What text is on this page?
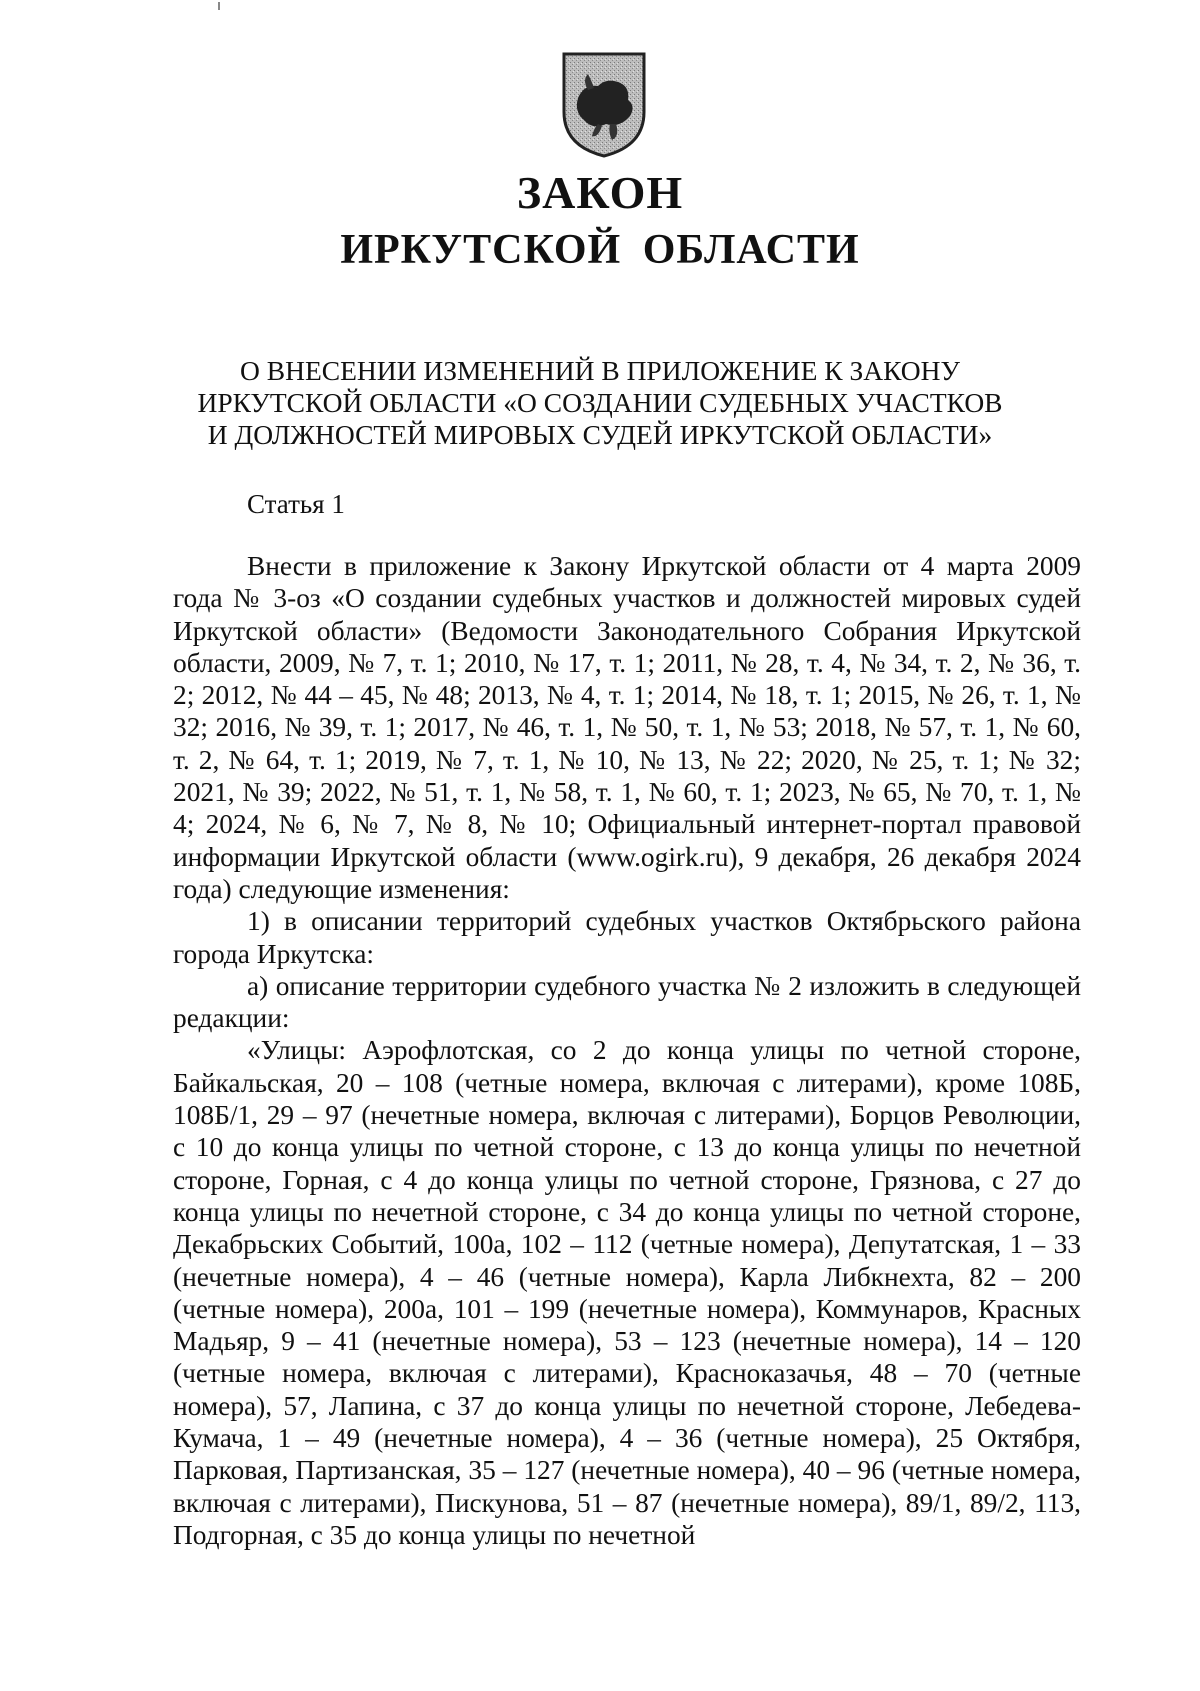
ЗАКОН
ИРКУТСКОЙ ОБЛАСТИ
О ВНЕСЕНИИ ИЗМЕНЕНИЙ В ПРИЛОЖЕНИЕ К ЗАКОНУ
ИРКУТСКОЙ ОБЛАСТИ «О СОЗДАНИИ СУДЕБНЫХ УЧАСТКОВ
И ДОЛЖНОСТЕЙ МИРОВЫХ СУДЕЙ ИРКУТСКОЙ ОБЛАСТИ»
Статья 1

Внести в приложение к Закону Иркутской области от 4 марта 2009 года № 3-оз «О создании судебных участков и должностей мировых судей Иркутской области» (Ведомости Законодательного Собрания Иркутской области, 2009, № 7, т. 1; 2010, № 17, т. 1; 2011, № 28, т. 4, № 34, т. 2, № 36, т. 2; 2012, № 44 – 45, № 48; 2013, № 4, т. 1; 2014, № 18, т. 1; 2015, № 26, т. 1, № 32; 2016, № 39, т. 1; 2017, № 46, т. 1, № 50, т. 1, № 53; 2018, № 57, т. 1, № 60, т. 2, № 64, т. 1; 2019, № 7, т. 1, № 10, № 13, № 22; 2020, № 25, т. 1; № 32; 2021, № 39; 2022, № 51, т. 1, № 58, т. 1, № 60, т. 1; 2023, № 65, № 70, т. 1, № 4; 2024, № 6, № 7, № 8, № 10; Официальный интернет-портал правовой информации Иркутской области (www.ogirk.ru), 9 декабря, 26 декабря 2024 года) следующие изменения:

1) в описании территорий судебных участков Октябрьского района города Иркутска:

а) описание территории судебного участка № 2 изложить в следующей редакции:

«Улицы: Аэрофлотская, со 2 до конца улицы по четной стороне, Байкальская, 20 – 108 (четные номера, включая с литерами), кроме 108Б, 108Б/1, 29 – 97 (нечетные номера, включая с литерами), Борцов Революции, с 10 до конца улицы по четной стороне, с 13 до конца улицы по нечетной стороне, Горная, с 4 до конца улицы по четной стороне, Грязнова, с 27 до конца улицы по нечетной стороне, с 34 до конца улицы по четной стороне, Декабрьских Событий, 100а, 102 – 112 (четные номера), Депутатская, 1 – 33 (нечетные номера), 4 – 46 (четные номера), Карла Либкнехта, 82 – 200 (четные номера), 200а, 101 – 199 (нечетные номера), Коммунаров, Красных Мадьяр, 9 – 41 (нечетные номера), 53 – 123 (нечетные номера), 14 – 120 (четные номера, включая с литерами), Красноказачья, 48 – 70 (четные номера), 57, Лапина, с 37 до конца улицы по нечетной стороне, Лебедева-Кумача, 1 – 49 (нечетные номера), 4 – 36 (четные номера), 25 Октября, Парковая, Партизанская, 35 – 127 (нечетные номера), 40 – 96 (четные номера, включая с литерами), Пискунова, 51 – 87 (нечетные номера), 89/1, 89/2, 113, Подгорная, с 35 до конца улицы по нечетной
